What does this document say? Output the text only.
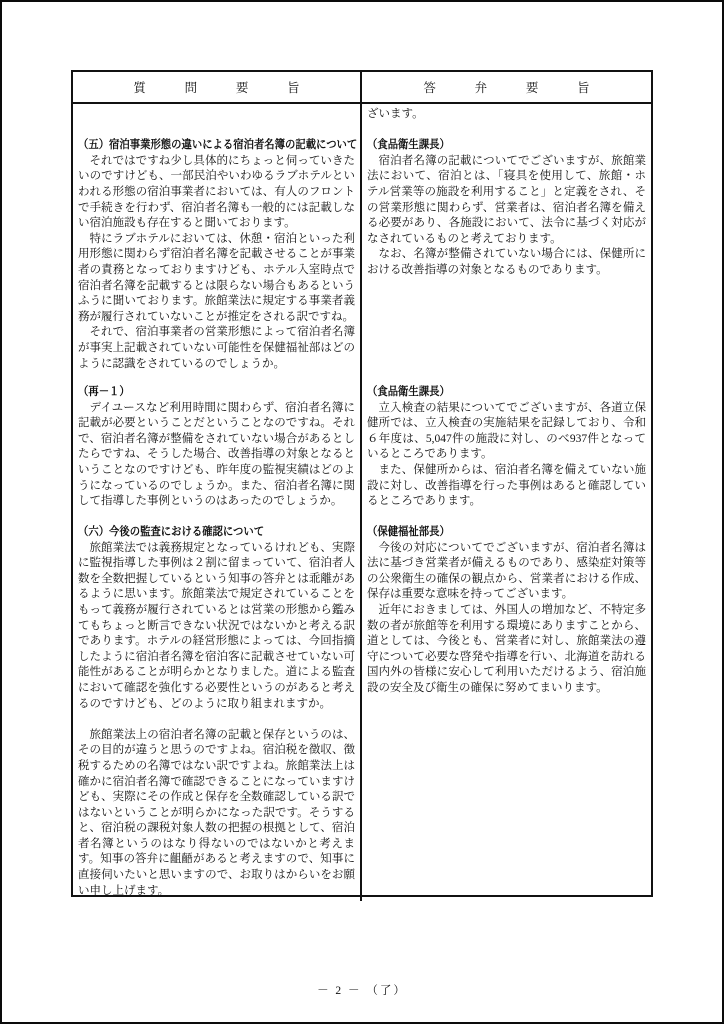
質　問　要　旨	答　弁　要　旨

（五）宿泊事業形態の違いによる宿泊者名簿の記載について

それではですね少し具体的にちょっと伺っていきたいのですけども、一部民泊やいわゆるラブホテルといわれる形態の宿泊事業者においては、有人のフロントで手続きを行わず、宿泊者名簿も一般的には記載しない宿泊施設も存在すると聞いております。

特にラブホテルにおいては、休憩・宿泊といった利用形態に関わらず宿泊者名簿を記載させることが事業者の責務となっておりますけども、ホテル入室時点で宿泊者名簿を記載するとは限らない場合もあるというふうに聞いております。旅館業法に規定する事業者義務が履行されていないことが推定をされる訳ですね。

それで、宿泊事業者の営業形態によって宿泊者名簿が事実上記載されていない可能性を保健福祉部はどのように認識をされているのでしょうか。

ざいます。

（食品衛生課長）

宿泊者名簿の記載についてでございますが、旅館業法において、宿泊とは、「寝具を使用して、旅館・ホテル営業等の施設を利用すること」と定義をされ、その営業形態に関わらず、営業者は、宿泊者名簿を備える必要があり、各施設において、法令に基づく対応がなされているものと考えております。

なお、名簿が整備されていない場合には、保健所における改善指導の対象となるものであります。

（再－１）

デイユースなど利用時間に関わらず、宿泊者名簿に記載が必要ということだということなのですね。それで、宿泊者名簿が整備をされていない場合があるとしたらですね、そうした場合、改善指導の対象となるということなのですけども、昨年度の監視実績はどのようになっているのでしょうか。また、宿泊者名簿に関して指導した事例というのはあったのでしょうか。

（食品衛生課長）

立入検査の結果についてでございますが、各道立保健所では、立入検査の実施結果を記録しており、令和６年度は、5,047件の施設に対し、のべ937件となっているところであります。

また、保健所からは、宿泊者名簿を備えていない施設に対し、改善指導を行った事例はあると確認しているところであります。

（六）今後の監査における確認について

旅館業法では義務規定となっているけれども、実際に監視指導した事例は２割に留まっていて、宿泊者人数を全数把握しているという知事の答弁とは乖離があるように思います。旅館業法で規定されていることをもって義務が履行されているとは営業の形態から鑑みてもちょっと断言できない状況ではないかと考える訳であります。ホテルの経営形態によっては、今回指摘したように宿泊者名簿を宿泊客に記載させていない可能性があることが明らかとなりました。道による監査において確認を強化する必要性というのがあると考えるのですけども、どのように取り組まれますか。

旅館業法上の宿泊者名簿の記載と保存というのは、その目的が違うと思うのですよね。宿泊税を徴収、徴税するための名簿ではない訳ですよね。旅館業法上は確かに宿泊者名簿で確認できることになっていますけども、実際にその作成と保存を全数確認している訳ではないということが明らかになった訳です。そうすると、宿泊税の課税対象人数の把握の根拠として、宿泊者名簿というのはなり得ないのではないかと考えます。知事の答弁に齟齬があると考えますので、知事に直接伺いたいと思いますので、お取りはからいをお願い申し上げます。

（保健福祉部長）

今後の対応についてでございますが、宿泊者名簿は法に基づき営業者が備えるものであり、感染症対策等の公衆衛生の確保の観点から、営業者における作成、保存は重要な意味を持ってございます。

近年におきましては、外国人の増加など、不特定多数の者が旅館等を利用する環境にありますことから、道としては、今後とも、営業者に対し、旅館業法の遵守について必要な啓発や指導を行い、北海道を訪れる国内外の皆様に安心して利用いただけるよう、宿泊施設の安全及び衛生の確保に努めてまいります。

－ 2 － （了）
